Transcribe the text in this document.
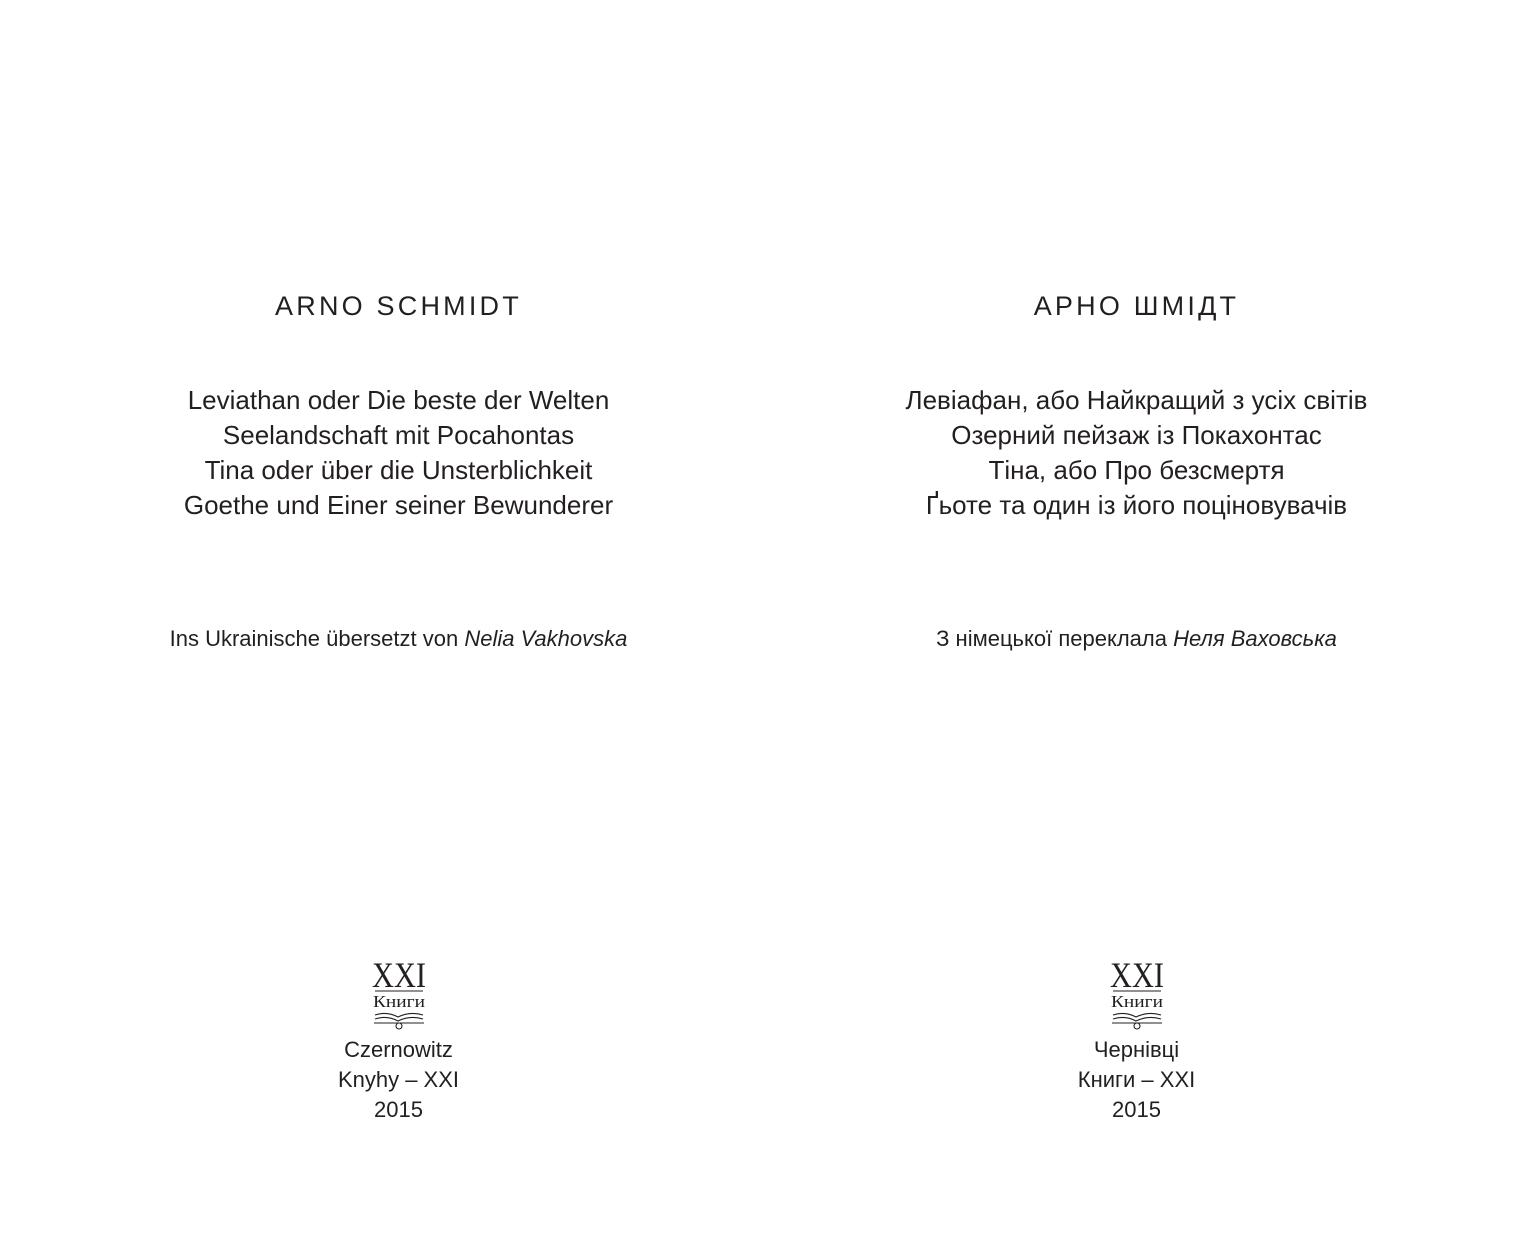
ARNO SCHMIDT
Leviathan oder Die beste der Welten
Seelandschaft mit Pocahontas
Tina oder über die Unsterblichkeit
Goethe und Einer seiner Bewunderer
Ins Ukrainische übersetzt von Nelia Vakhovska
XXI
Книги
Czernowitz
Knyhy – XXI
2015
АРНО ШМІДТ
Левіафан, або Найкращий з усіх світів
Озерний пейзаж із Покахонтас
Тіна, або Про безсмертя
Ґьоте та один із його поціновувачів
З німецької переклала Неля Ваховська
XXI
Книги
Чернівці
Книги – XXI
2015
